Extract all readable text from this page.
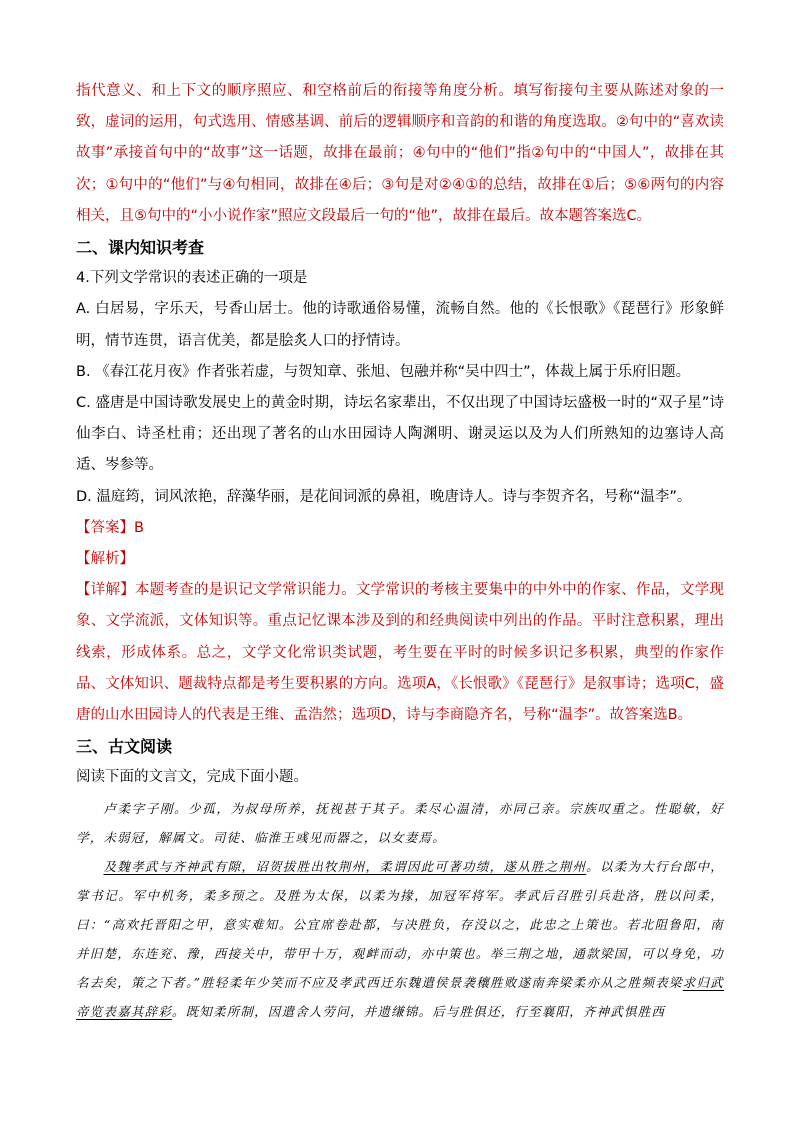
指代意义、和上下文的顺序照应、和空格前后的衔接等角度分析。填写衔接句主要从陈述对象的一致，虚词的运用，句式选用、情感基调、前后的逻辑顺序和音韵的和谐的角度选取。②句中的“喜欢读故事”承接首句中的“故事”这一话题，故排在最前；④句中的“他们”指②句中的“中国人”，故排在其次；①句中的“他们”与④句相同，故排在④后；③句是对②④①的总结，故排在①后；⑤⑥两句的内容相关，且⑤句中的“小小说作家”照应文段最后一句的“他”，故排在最后。故本题答案选C。

二、课内知识考查

4.下列文学常识的表述正确的一项是

A. 白居易，字乐天，号香山居士。他的诗歌通俗易懂，流畅自然。他的《长恨歌》《琵琶行》形象鲜明，情节连贯，语言优美，都是脍炙人口的抒情诗。

B. 《春江花月夜》作者张若虚，与贺知章、张旭、包融并称“吴中四士”，体裁上属于乐府旧题。

C. 盛唐是中国诗歌发展史上的黄金时期，诗坛名家辈出，不仅出现了中国诗坛盛极一时的“双子星”诗仙李白、诗圣杜甫；还出现了著名的山水田园诗人陶渊明、谢灵运以及为人们所熟知的边塞诗人高适、岑参等。

D. 温庭筠，词风浓艳，辞藻华丽，是花间词派的鼻祖，晚唐诗人。诗与李贺齐名，号称“温李”。

【答案】B

【解析】

【详解】本题考查的是识记文学常识能力。文学常识的考核主要集中的中外中的作家、作品，文学现象、文学流派，文体知识等。重点记忆课本涉及到的和经典阅读中列出的作品。平时注意积累，理出线索，形成体系。总之，文学文化常识类试题，考生要在平时的时候多识记多积累，典型的作家作品、文体知识、题裁特点都是考生要积累的方向。选项A，《长恨歌》《琵琶行》是叙事诗；选项C，盛唐的山水田园诗人的代表是王维、孟浩然；选项D，诗与李商隐齐名，号称“温李”。故答案选B。

三、古文阅读

阅读下面的文言文，完成下面小题。

卢柔字子刚。少孤，为叔母所养，抚视甚于其子。柔尽心温清，亦同己亲。宗族叹重之。性聪敏，好学，未弱冠，解属文。司徒、临淮王彧见而器之，以女妻焉。

及魏孝武与齐神武有隙，诏贺拔胜出牧荆州，柔谓因此可著功绩，遂从胜之荆州。以柔为大行台郎中，掌书记。军中机务，柔多预之。及胜为太保，以柔为掾，加冠军将军。孝武后召胜引兵赴洛，胜以问柔，曰：“高欢托晋阳之甲，意实难知。公宜席卷赴都，与决胜负，存没以之，此忠之上策也。若北阻鲁阳，南并旧楚，东连兖、豫，西接关中，带甲十万，观衅而动，亦中策也。举三荆之地，通款梁国，可以身免，功名去矣，策之下者。”胜轻柔年少笑而不应及孝武西迁东魏遣侯景袭穰胜败遂南奔梁柔亦从之胜频表梁求归武帝览表嘉其辞彩。既知柔所制，因遣舍人劳问，并遗缣锦。后与胜俱还，行至襄阳，齐神武惧胜西
